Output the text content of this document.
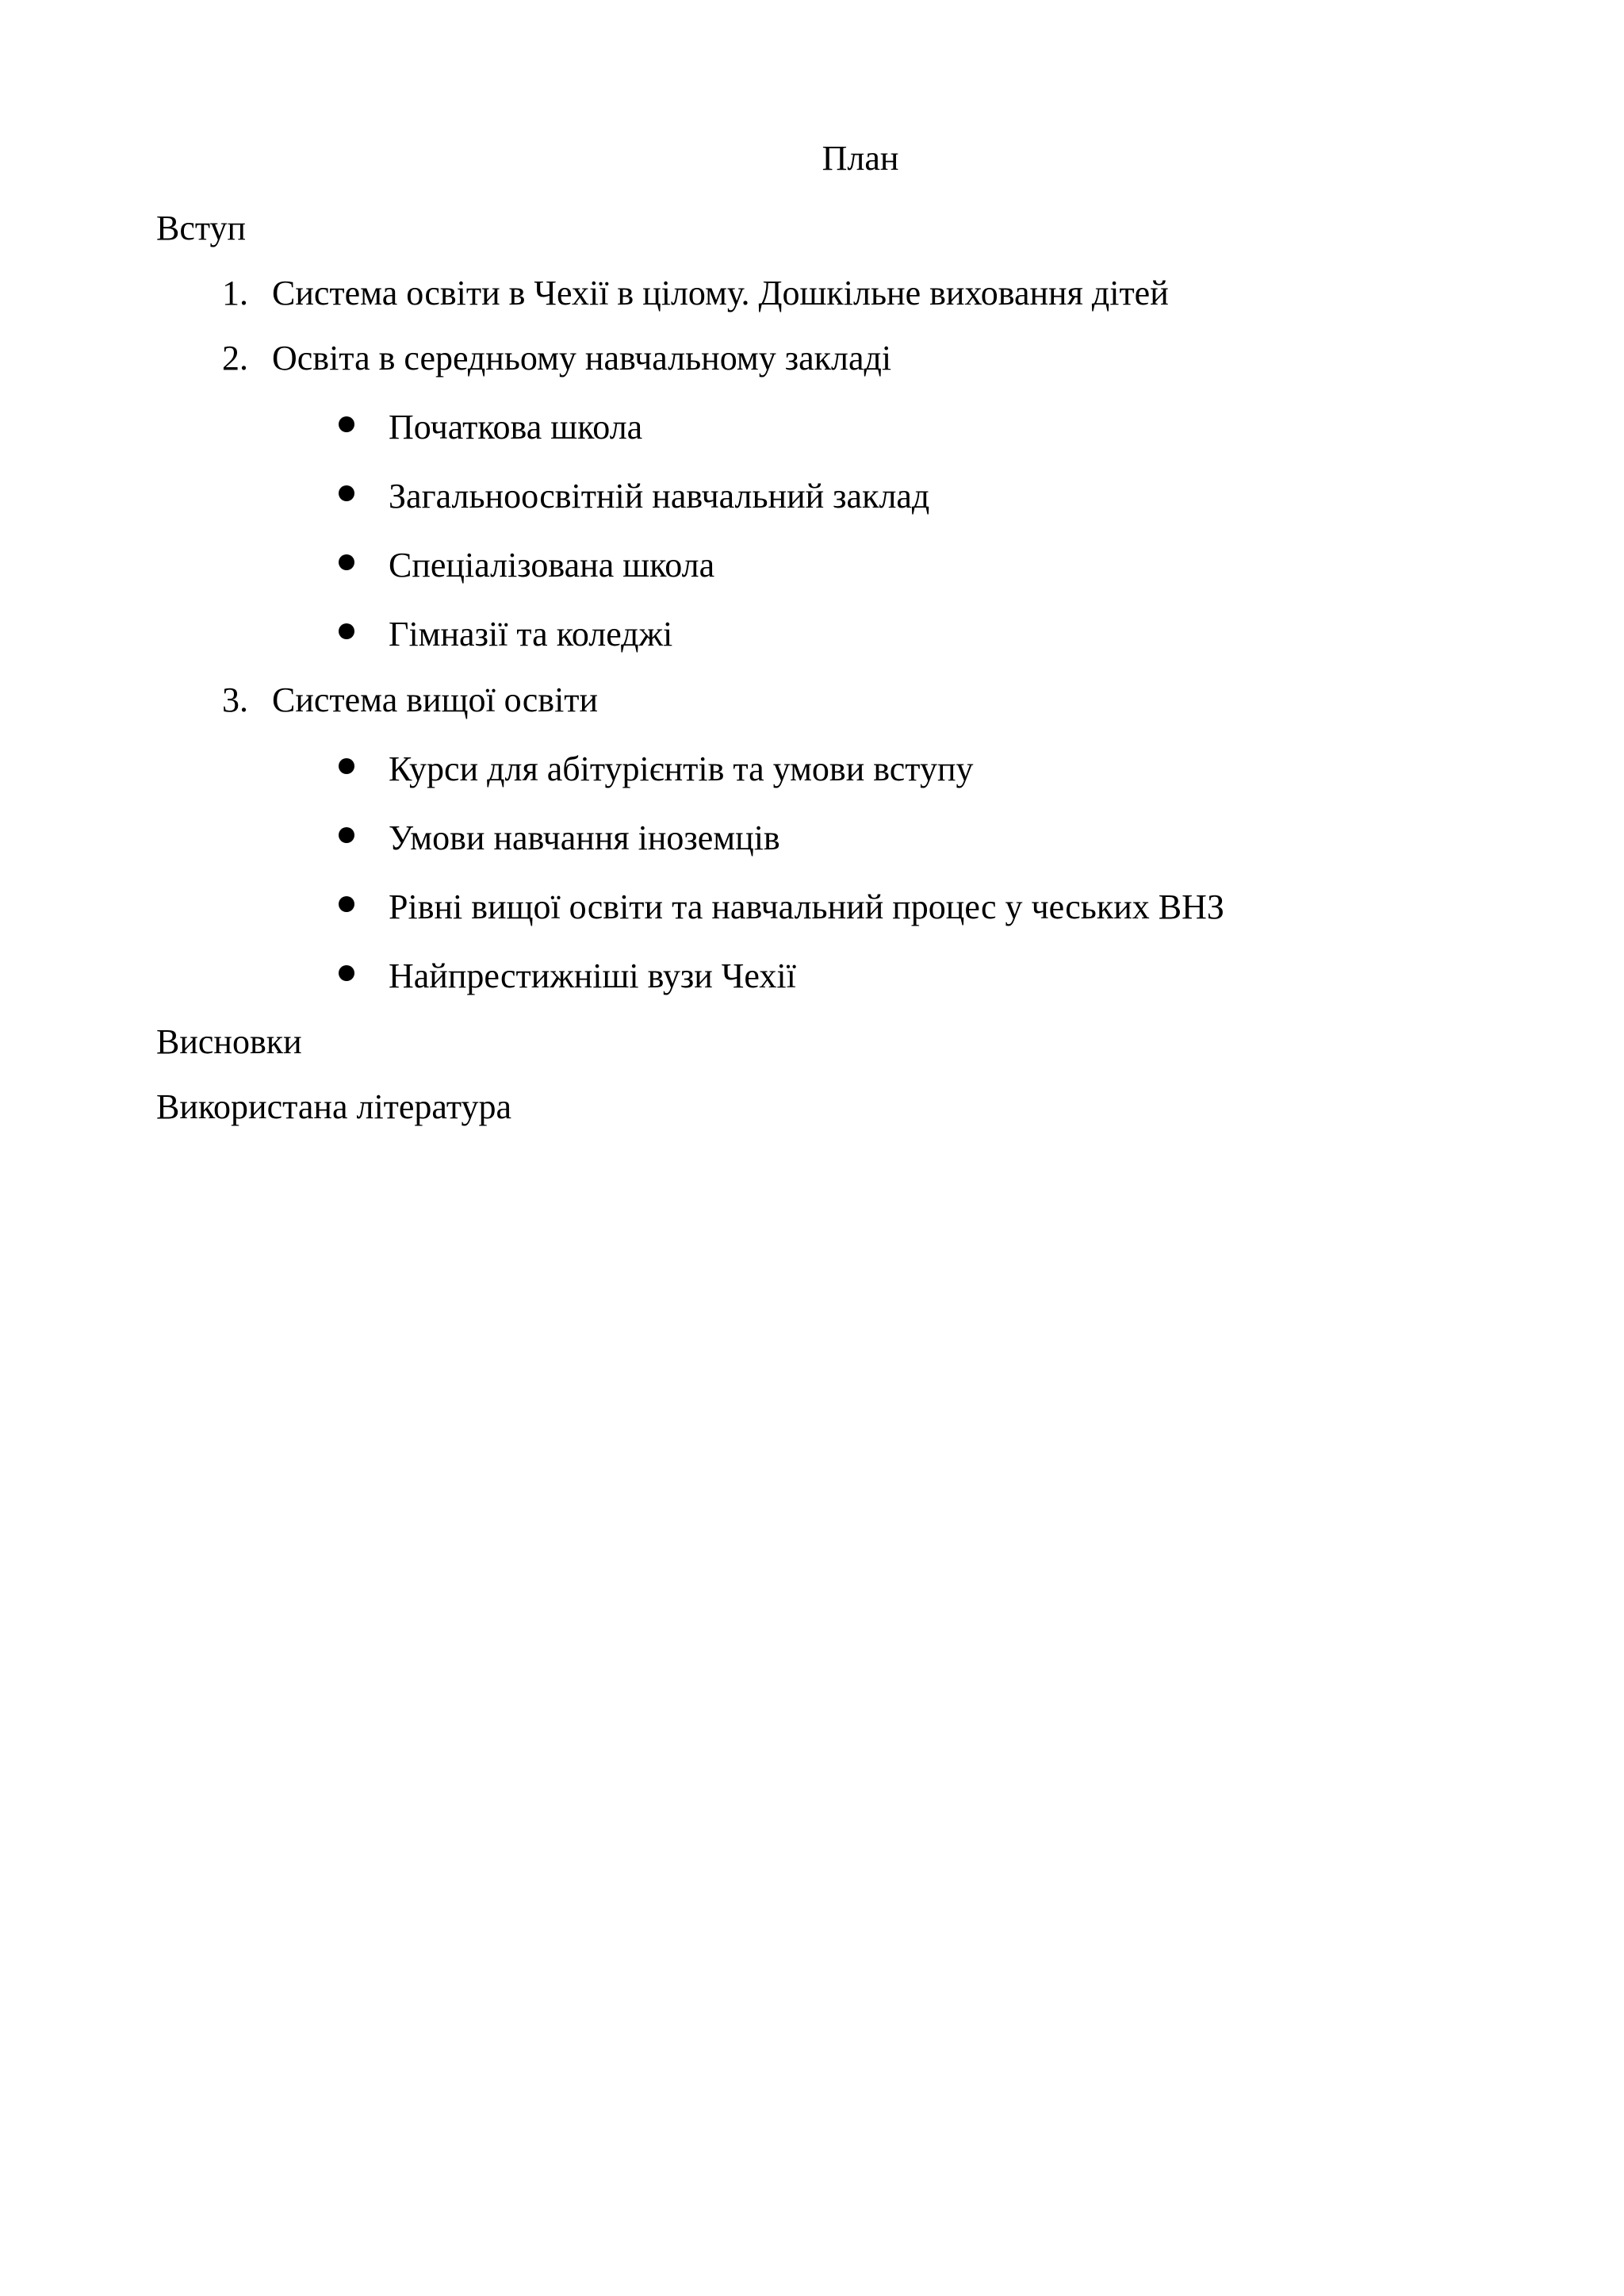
План
Вступ
1. Система освіти в Чехії в цілому. Дошкільне виховання дітей
2. Освіта в середньому навчальному закладі
Початкова школа
Загальноосвітній навчальний заклад
Спеціалізована школа
Гімназії та коледжі
3. Система вищої освіти
Курси для абітурієнтів та умови вступу
Умови навчання іноземців
Рівні вищої освіти та навчальний процес у чеських ВНЗ
Найпрестижніші вузи Чехії
Висновки
Використана література
